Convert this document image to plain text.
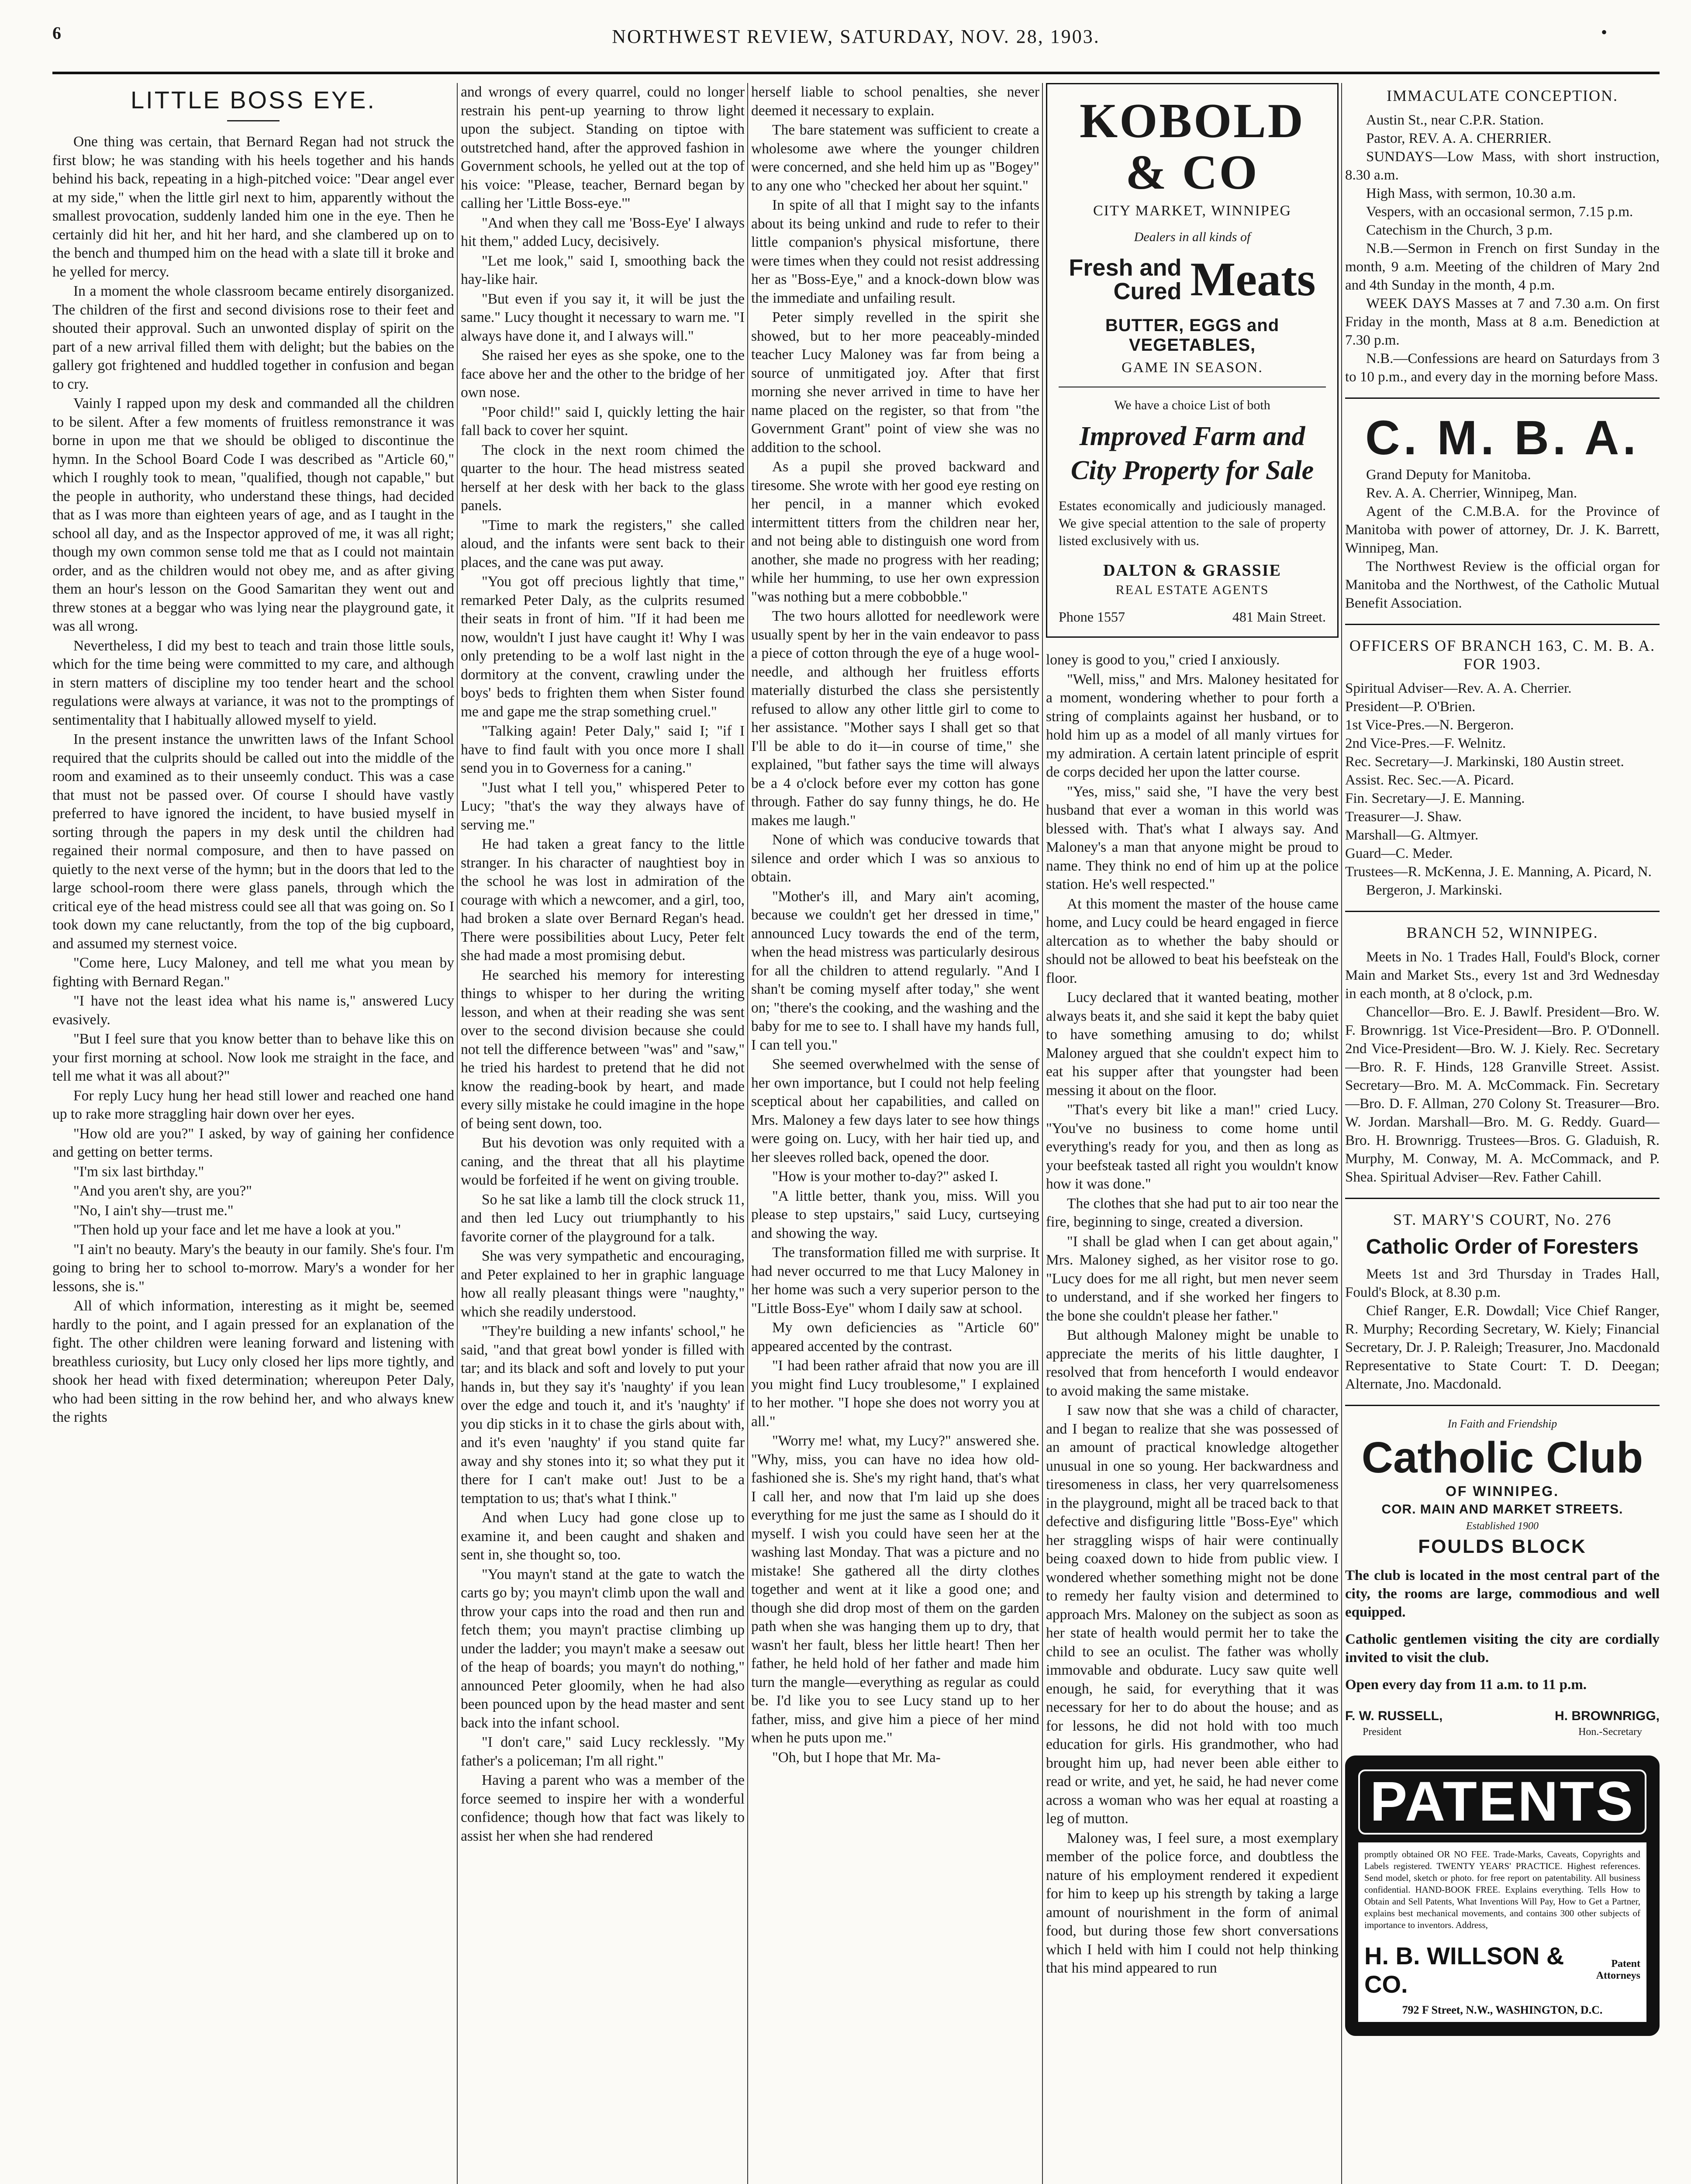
6	NORTHWEST REVIEW, SATURDAY, NOV. 28, 1903.	•
LITTLE BOSS EYE.

One thing was certain, that Bernard Regan had not struck the first blow; he was standing with his heels together and his hands behind his back, repeating in a high-pitched voice: "Dear angel ever at my side," when the little girl next to him, apparently without the smallest provocation, suddenly landed him one in the eye. Then he certainly did hit her, and hit her hard, and she clambered up on to the bench and thumped him on the head with a slate till it broke and he yelled for mercy.

In a moment the whole classroom became entirely disorganized. The children of the first and second divisions rose to their feet and shouted their approval. Such an unwonted display of spirit on the part of a new arrival filled them with delight; but the babies on the gallery got frightened and huddled together in confusion and began to cry.

Vainly I rapped upon my desk and commanded all the children to be silent. After a few moments of fruitless remonstrance it was borne in upon me that we should be obliged to discontinue the hymn. In the School Board Code I was described as "Article 60," which I roughly took to mean, "qualified, though not capable," but the people in authority, who understand these things, had decided that as I was more than eighteen years of age, and as I taught in the school all day, and as the Inspector approved of me, it was all right; though my own common sense told me that as I could not maintain order, and as the children would not obey me, and as after giving them an hour's lesson on the Good Samaritan they went out and threw stones at a beggar who was lying near the playground gate, it was all wrong.

Nevertheless, I did my best to teach and train those little souls, which for the time being were committed to my care, and although in stern matters of discipline my too tender heart and the school regulations were always at variance, it was not to the promptings of sentimentality that I habitually allowed myself to yield.

In the present instance the unwritten laws of the Infant School required that the culprits should be called out into the middle of the room and examined as to their unseemly conduct. This was a case that must not be passed over. Of course I should have vastly preferred to have ignored the incident, to have busied myself in sorting through the papers in my desk until the children had regained their normal composure, and then to have passed on quietly to the next verse of the hymn; but in the doors that led to the large school-room there were glass panels, through which the critical eye of the head mistress could see all that was going on. So I took down my cane reluctantly, from the top of the big cupboard, and assumed my sternest voice.

"Come here, Lucy Maloney, and tell me what you mean by fighting with Bernard Regan."

"I have not the least idea what his name is," answered Lucy evasively.

"But I feel sure that you know better than to behave like this on your first morning at school. Now look me straight in the face, and tell me what it was all about?"

For reply Lucy hung her head still lower and reached one hand up to rake more straggling hair down over her eyes.

"How old are you?" I asked, by way of gaining her confidence and getting on better terms.

"I'm six last birthday."

"And you aren't shy, are you?"

"No, I ain't shy—trust me."

"Then hold up your face and let me have a look at you."

"I ain't no beauty. Mary's the beauty in our family. She's four. I'm going to bring her to school to-morrow. Mary's a wonder for her lessons, she is."

All of which information, interesting as it might be, seemed hardly to the point, and I again pressed for an explanation of the fight. The other children were leaning forward and listening with breathless curiosity, but Lucy only closed her lips more tightly, and shook her head with fixed determination; whereupon Peter Daly, who had been sitting in the row behind her, and who always knew the rights

and wrongs of every quarrel, could no longer restrain his pent-up yearning to throw light upon the subject. Standing on tiptoe with outstretched hand, after the approved fashion in Government schools, he yelled out at the top of his voice: "Please, teacher, Bernard began by calling her 'Little Boss-eye.'"

"And when they call me 'Boss-Eye' I always hit them," added Lucy, decisively.

"Let me look," said I, smoothing back the hay-like hair.

"But even if you say it, it will be just the same." Lucy thought it necessary to warn me. "I always have done it, and I always will."

She raised her eyes as she spoke, one to the face above her and the other to the bridge of her own nose.

"Poor child!" said I, quickly letting the hair fall back to cover her squint.

The clock in the next room chimed the quarter to the hour. The head mistress seated herself at her desk with her back to the glass panels.

"Time to mark the registers," she called aloud, and the infants were sent back to their places, and the cane was put away.

"You got off precious lightly that time," remarked Peter Daly, as the culprits resumed their seats in front of him. "If it had been me now, wouldn't I just have caught it! Why I was only pretending to be a wolf last night in the dormitory at the convent, crawling under the boys' beds to frighten them when Sister found me and gape me the strap something cruel."

"Talking again! Peter Daly," said I; "if I have to find fault with you once more I shall send you in to Governess for a caning."

"Just what I tell you," whispered Peter to Lucy; "that's the way they always have of serving me."

He had taken a great fancy to the little stranger. In his character of naughtiest boy in the school he was lost in admiration of the courage with which a newcomer, and a girl, too, had broken a slate over Bernard Regan's head. There were possibilities about Lucy, Peter felt she had made a most promising debut.

He searched his memory for interesting things to whisper to her during the writing lesson, and when at their reading she was sent over to the second division because she could not tell the difference between "was" and "saw," he tried his hardest to pretend that he did not know the reading-book by heart, and made every silly mistake he could imagine in the hope of being sent down, too.

But his devotion was only requited with a caning, and the threat that all his playtime would be forfeited if he went on giving trouble.

So he sat like a lamb till the clock struck 11, and then led Lucy out triumphantly to his favorite corner of the playground for a talk.

She was very sympathetic and encouraging, and Peter explained to her in graphic language how all really pleasant things were "naughty," which she readily understood.

"They're building a new infants' school," he said, "and that great bowl yonder is filled with tar; and its black and soft and lovely to put your hands in, but they say it's 'naughty' if you lean over the edge and touch it, and it's 'naughty' if you dip sticks in it to chase the girls about with, and it's even 'naughty' if you stand quite far away and shy stones into it; so what they put it there for I can't make out! Just to be a temptation to us; that's what I think."

And when Lucy had gone close up to examine it, and been caught and shaken and sent in, she thought so, too.

"You mayn't stand at the gate to watch the carts go by; you mayn't climb upon the wall and throw your caps into the road and then run and fetch them; you mayn't practise climbing up under the ladder; you mayn't make a seesaw out of the heap of boards; you mayn't do nothing," announced Peter gloomily, when he had also been pounced upon by the head master and sent back into the infant school.

"I don't care," said Lucy recklessly. "My father's a policeman; I'm all right."

Having a parent who was a member of the force seemed to inspire her with a wonderful confidence; though how that fact was likely to assist her when she had rendered

herself liable to school penalties, she never deemed it necessary to explain.

The bare statement was sufficient to create a wholesome awe where the younger children were concerned, and she held him up as "Bogey" to any one who "checked her about her squint."

In spite of all that I might say to the infants about its being unkind and rude to refer to their little companion's physical misfortune, there were times when they could not resist addressing her as "Boss-Eye," and a knock-down blow was the immediate and unfailing result.

Peter simply revelled in the spirit she showed, but to her more peaceably-minded teacher Lucy Maloney was far from being a source of unmitigated joy. After that first morning she never arrived in time to have her name placed on the register, so that from "the Government Grant" point of view she was no addition to the school.

As a pupil she proved backward and tiresome. She wrote with her good eye resting on her pencil, in a manner which evoked intermittent titters from the children near her, and not being able to distinguish one word from another, she made no progress with her reading; while her humming, to use her own expression "was nothing but a mere cobbobble."

The two hours allotted for needlework were usually spent by her in the vain endeavor to pass a piece of cotton through the eye of a huge wool-needle, and although her fruitless efforts materially disturbed the class she persistently refused to allow any other little girl to come to her assistance. "Mother says I shall get so that I'll be able to do it—in course of time," she explained, "but father says the time will always be a 4 o'clock before ever my cotton has gone through. Father do say funny things, he do. He makes me laugh."

None of which was conducive towards that silence and order which I was so anxious to obtain.

"Mother's ill, and Mary ain't acoming, because we couldn't get her dressed in time," announced Lucy towards the end of the term, when the head mistress was particularly desirous for all the children to attend regularly. "And I shan't be coming myself after today," she went on; "there's the cooking, and the washing and the baby for me to see to. I shall have my hands full, I can tell you."

She seemed overwhelmed with the sense of her own importance, but I could not help feeling sceptical about her capabilities, and called on Mrs. Maloney a few days later to see how things were going on. Lucy, with her hair tied up, and her sleeves rolled back, opened the door.

"How is your mother to-day?" asked I.

"A little better, thank you, miss. Will you please to step upstairs," said Lucy, curtseying and showing the way.

The transformation filled me with surprise. It had never occurred to me that Lucy Maloney in her home was such a very superior person to the "Little Boss-Eye" whom I daily saw at school.

My own deficiencies as "Article 60" appeared accented by the contrast.

"I had been rather afraid that now you are ill you might find Lucy troublesome," I explained to her mother. "I hope she does not worry you at all."

"Worry me! what, my Lucy?" answered she. "Why, miss, you can have no idea how old-fashioned she is. She's my right hand, that's what I call her, and now that I'm laid up she does everything for me just the same as I should do it myself. I wish you could have seen her at the washing last Monday. That was a picture and no mistake! She gathered all the dirty clothes together and went at it like a good one; and though she did drop most of them on the garden path when she was hanging them up to dry, that wasn't her fault, bless her little heart! Then her father, he held hold of her father and made him turn the mangle—everything as regular as could be. I'd like you to see Lucy stand up to her father, miss, and give him a piece of her mind when he puts upon me."

"Oh, but I hope that Mr. Ma-

KOBOLD & CO
CITY MARKET, WINNIPEG
Dealers in all kinds of
Fresh and
Cured Meats
BUTTER, EGGS and VEGETABLES,
GAME IN SEASON.
We have a choice List of both
Improved Farm and
City Property for Sale
Estates economically and judiciously managed. We give special attention to the sale of property listed exclusively with us.
DALTON & GRASSIE
REAL ESTATE AGENTS
Phone 1557	481 Main Street.

loney is good to you," cried I anxiously.

"Well, miss," and Mrs. Maloney hesitated for a moment, wondering whether to pour forth a string of complaints against her husband, or to hold him up as a model of all manly virtues for my admiration. A certain latent principle of esprit de corps decided her upon the latter course.

"Yes, miss," said she, "I have the very best husband that ever a woman in this world was blessed with. That's what I always say. And Maloney's a man that anyone might be proud to name. They think no end of him up at the police station. He's well respected."

At this moment the master of the house came home, and Lucy could be heard engaged in fierce altercation as to whether the baby should or should not be allowed to beat his beefsteak on the floor.

Lucy declared that it wanted beating, mother always beats it, and she said it kept the baby quiet to have something amusing to do; whilst Maloney argued that she couldn't expect him to eat his supper after that youngster had been messing it about on the floor.

"That's every bit like a man!" cried Lucy. "You've no business to come home until everything's ready for you, and then as long as your beefsteak tasted all right you wouldn't know how it was done."

The clothes that she had put to air too near the fire, beginning to singe, created a diversion.

"I shall be glad when I can get about again," Mrs. Maloney sighed, as her visitor rose to go. "Lucy does for me all right, but men never seem to understand, and if she worked her fingers to the bone she couldn't please her father."

But although Maloney might be unable to appreciate the merits of his little daughter, I resolved that from henceforth I would endeavor to avoid making the same mistake.

I saw now that she was a child of character, and I began to realize that she was possessed of an amount of practical knowledge altogether unusual in one so young. Her backwardness and tiresomeness in class, her very quarrelsomeness in the playground, might all be traced back to that defective and disfiguring little "Boss-Eye" which her straggling wisps of hair were continually being coaxed down to hide from public view. I wondered whether something might not be done to remedy her faulty vision and determined to approach Mrs. Maloney on the subject as soon as her state of health would permit her to take the child to see an oculist. The father was wholly immovable and obdurate. Lucy saw quite well enough, he said, for everything that it was necessary for her to do about the house; and as for lessons, he did not hold with too much education for girls. His grandmother, who had brought him up, had never been able either to read or write, and yet, he said, he had never come across a woman who was her equal at roasting a leg of mutton.

Maloney was, I feel sure, a most exemplary member of the police force, and doubtless the nature of his employment rendered it expedient for him to keep up his strength by taking a large amount of nourishment in the form of animal food, but during those few short conversations which I held with him I could not help thinking that his mind appeared to run

IMMACULATE CONCEPTION.
Austin St., near C.P.R. Station.
Pastor, REV. A. A. CHERRIER.
SUNDAYS—Low Mass, with short instruction, 8.30 a.m.
High Mass, with sermon, 10.30 a.m.
Vespers, with an occasional sermon, 7.15 p.m.
Catechism in the Church, 3 p.m.
N.B.—Sermon in French on first Sunday in the month, 9 a.m. Meeting of the children of Mary 2nd and 4th Sunday in the month, 4 p.m.
WEEK DAYS Masses at 7 and 7.30 a.m. On first Friday in the month, Mass at 8 a.m. Benediction at 7.30 p.m.
N.B.—Confessions are heard on Saturdays from 3 to 10 p.m., and every day in the morning before Mass.
C. M. B. A.
Grand Deputy for Manitoba.
Rev. A. A. Cherrier, Winnipeg, Man.
Agent of the C.M.B.A. for the Province of Manitoba with power of attorney, Dr. J. K. Barrett, Winnipeg, Man.
The Northwest Review is the official organ for Manitoba and the Northwest, of the Catholic Mutual Benefit Association.
OFFICERS OF BRANCH 163, C. M. B. A. FOR 1903.
Spiritual Adviser—Rev. A. A. Cherrier.
President—P. O'Brien.
1st Vice-Pres.—N. Bergeron.
2nd Vice-Pres.—F. Welnitz.
Rec. Secretary—J. Markinski, 180 Austin street.
Assist. Rec. Sec.—A. Picard.
Fin. Secretary—J. E. Manning.
Treasurer—J. Shaw.
Marshall—G. Altmyer.
Guard—C. Meder.
Trustees—R. McKenna, J. E. Manning, A. Picard, N. Bergeron, J. Markinski.
BRANCH 52, WINNIPEG.
Meets in No. 1 Trades Hall, Fould's Block, corner Main and Market Sts., every 1st and 3rd Wednesday in each month, at 8 o'clock, p.m.
Chancellor—Bro. E. J. Bawlf. President—Bro. W. F. Brownrigg. 1st Vice-President—Bro. P. O'Donnell. 2nd Vice-President—Bro. W. J. Kiely. Rec. Secretary—Bro. R. F. Hinds, 128 Granville Street. Assist. Secretary—Bro. M. A. McCommack. Fin. Secretary—Bro. D. F. Allman, 270 Colony St. Treasurer—Bro. W. Jordan. Marshall—Bro. M. G. Reddy. Guard—Bro. H. Brownrigg. Trustees—Bros. G. Gladuish, R. Murphy, M. Conway, M. A. McCommack, and P. Shea. Spiritual Adviser—Rev. Father Cahill.
ST. MARY'S COURT, No. 276
Catholic Order of Foresters
Meets 1st and 3rd Thursday in Trades Hall, Fould's Block, at 8.30 p.m.
Chief Ranger, E.R. Dowdall; Vice Chief Ranger, R. Murphy; Recording Secretary, W. Kiely; Financial Secretary, Dr. J. P. Raleigh; Treasurer, Jno. Macdonald Representative to State Court: T. D. Deegan; Alternate, Jno. Macdonald.
In Faith and Friendship
Catholic Club
OF WINNIPEG.
COR. MAIN AND MARKET STREETS.
Established 1900
FOULDS BLOCK
The club is located in the most central part of the city, the rooms are large, commodious and well equipped.
Catholic gentlemen visiting the city are cordially invited to visit the club.
Open every day from 11 a.m. to 11 p.m.
F. W. RUSSELL,	H. BROWNRIGG,
President	Hon.-Secretary
PATENTS
promptly obtained OR NO FEE. Trade-Marks, Caveats, Copyrights and Labels registered. TWENTY YEARS' PRACTICE. Highest references. Send model, sketch or photo. for free report on patentability. All business confidential. HAND-BOOK FREE. Explains everything. Tells How to Obtain and Sell Patents, What Inventions Will Pay, How to Get a Partner, explains best mechanical movements, and contains 300 other subjects of importance to inventors. Address,
H. B. WILLSON & CO.
Patent Attorneys
792 F Street, N.W., WASHINGTON, D.C.
